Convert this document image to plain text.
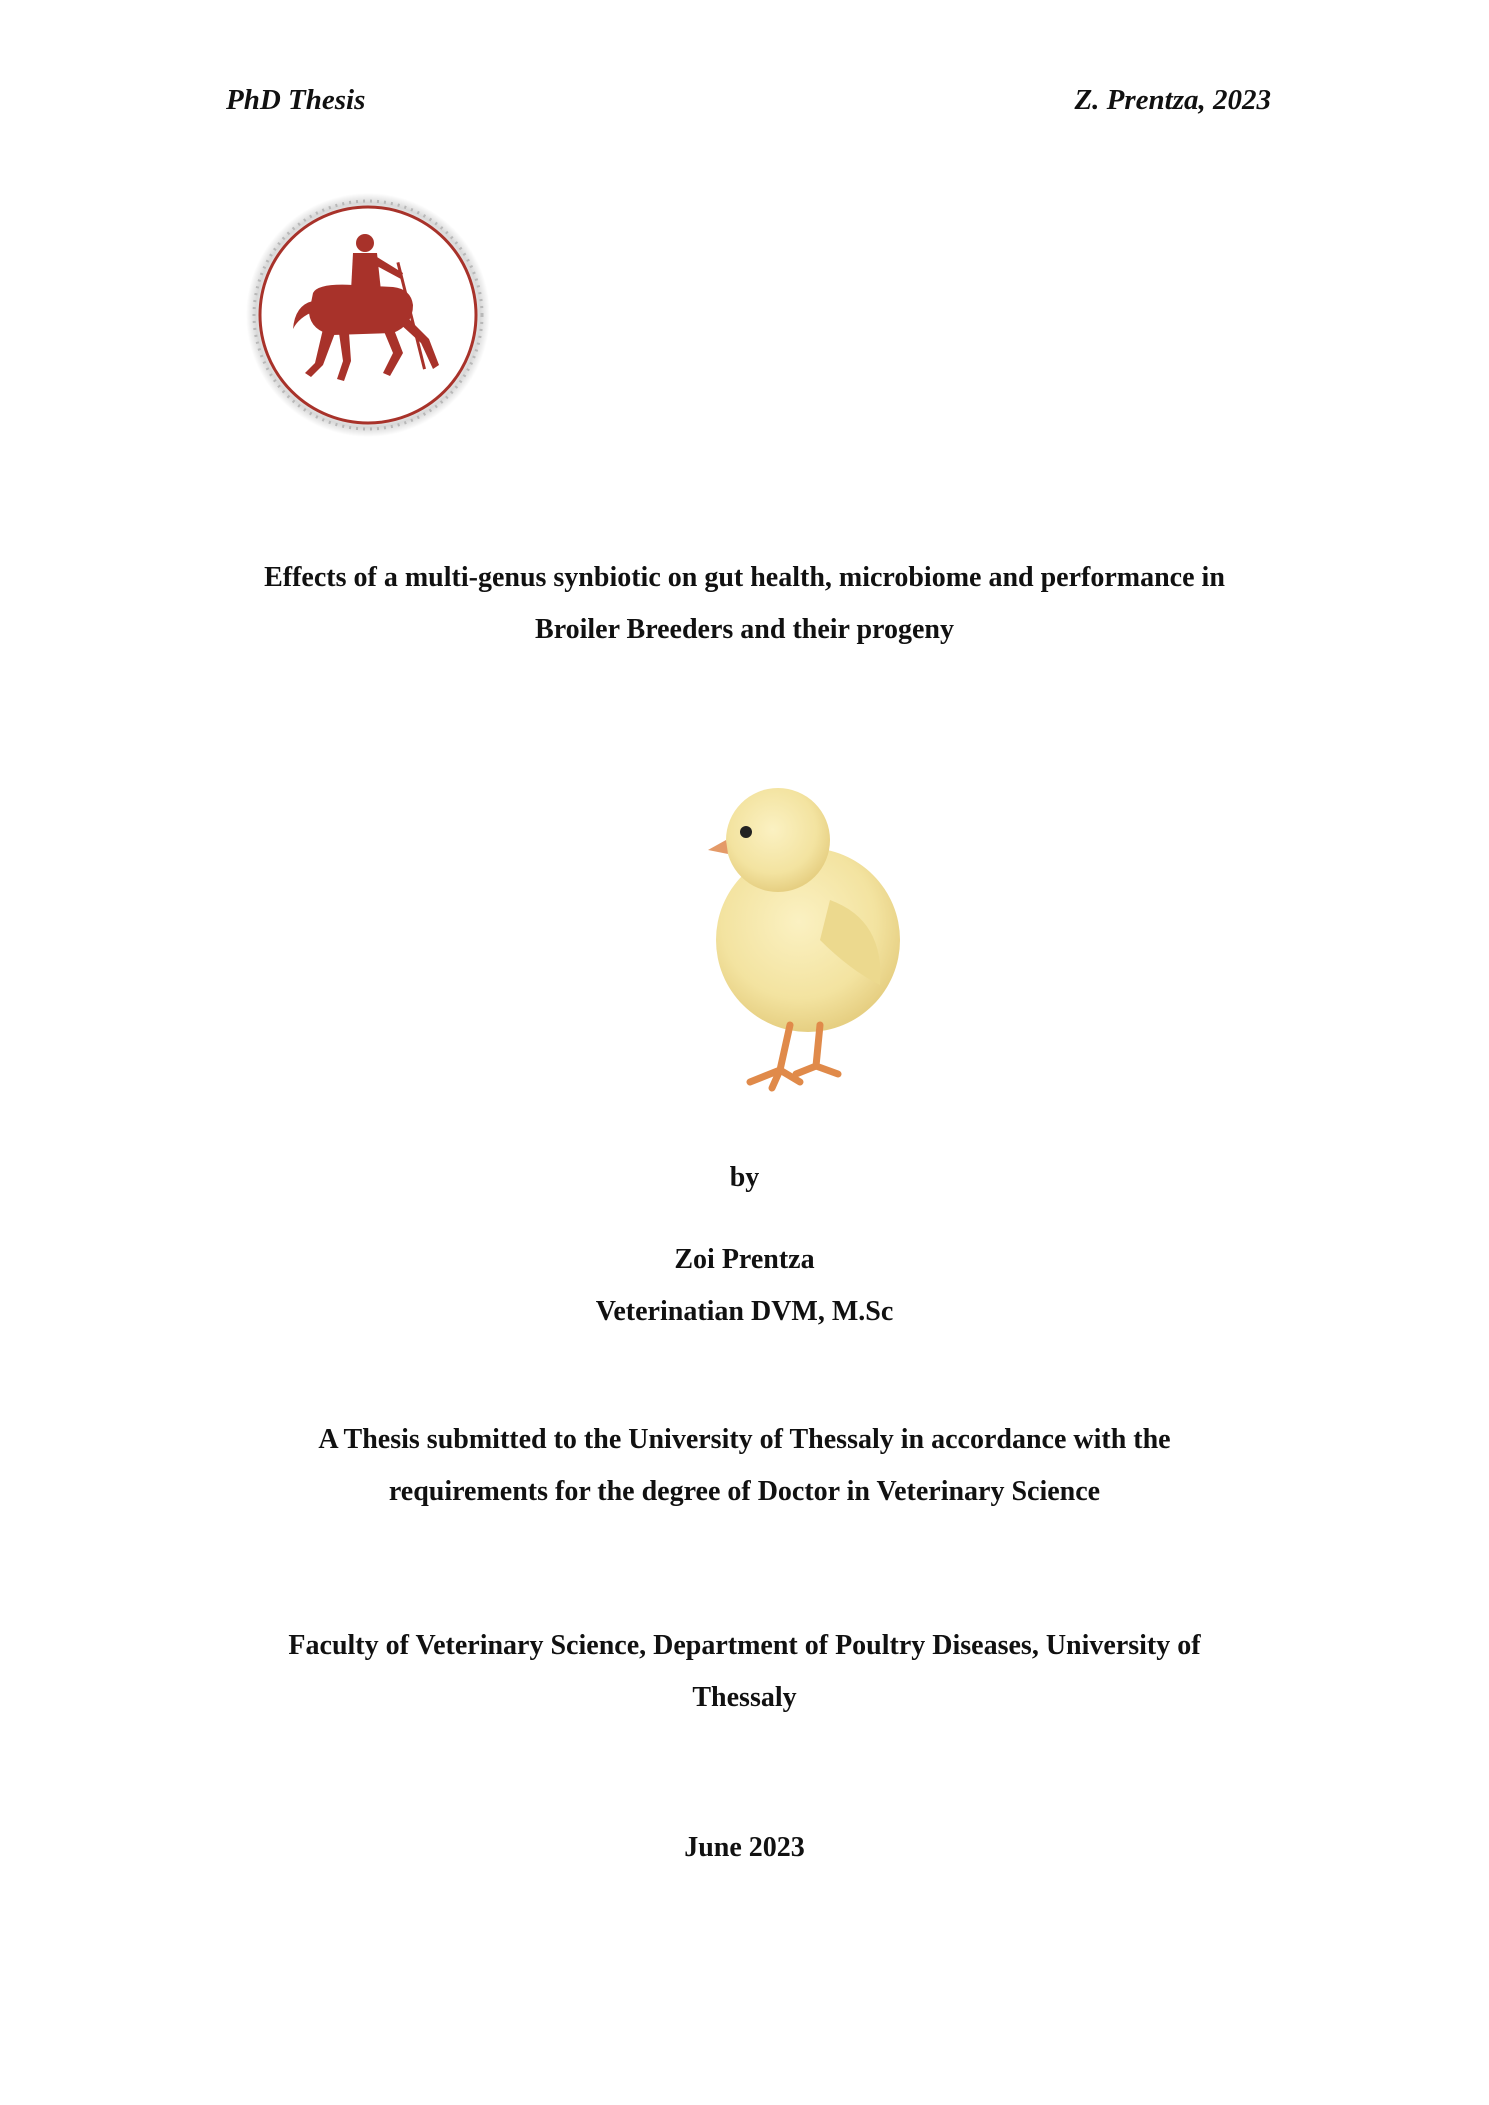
PhD Thesis	Z. Prentza, 2023
Effects of a multi-genus synbiotic on gut health, microbiome and performance in
Broiler Breeders and their progeny
by
Zoi Prentza
Veterinatian DVM, M.Sc
A Thesis submitted to the University of Thessaly in accordance with the
requirements for the degree of Doctor in Veterinary Science
Faculty of Veterinary Science, Department of Poultry Diseases, University of
Thessaly
June 2023
